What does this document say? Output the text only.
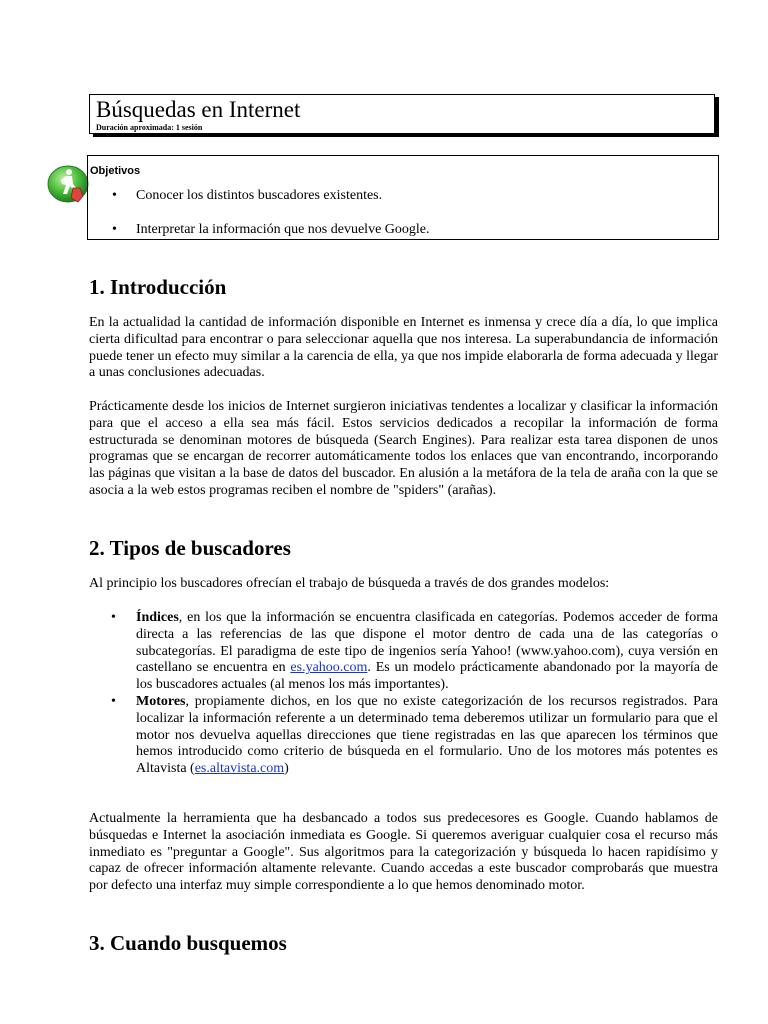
Búsquedas en Internet
Duración aproximada: 1 sesión
Objetivos
• Conocer los distintos buscadores existentes.
• Interpretar la información que nos devuelve Google.
1. Introducción

En la actualidad la cantidad de información disponible en Internet es inmensa y crece día a día, lo que implica cierta dificultad para encontrar o para seleccionar aquella que nos interesa. La superabundancia de información puede tener un efecto muy similar a la carencia de ella, ya que nos impide elaborarla de forma adecuada y llegar a unas conclusiones adecuadas.

Prácticamente desde los inicios de Internet surgieron iniciativas tendentes a localizar y clasificar la información para que el acceso a ella sea más fácil. Estos servicios dedicados a recopilar la información de forma estructurada se denominan motores de búsqueda (Search Engines). Para realizar esta tarea disponen de unos programas que se encargan de recorrer automáticamente todos los enlaces que van encontrando, incorporando las páginas que visitan a la base de datos del buscador. En alusión a la metáfora de la tela de araña con la que se asocia a la web estos programas reciben el nombre de "spiders" (arañas).

2. Tipos de buscadores

Al principio los buscadores ofrecían el trabajo de búsqueda a través de dos grandes modelos:

• Índices, en los que la información se encuentra clasificada en categorías. Podemos acceder de forma directa a las referencias de las que dispone el motor dentro de cada una de las categorías o subcategorías. El paradigma de este tipo de ingenios sería Yahoo! (www.yahoo.com), cuya versión en castellano se encuentra en es.yahoo.com. Es un modelo prácticamente abandonado por la mayoría de los buscadores actuales (al menos los más importantes).
• Motores, propiamente dichos, en los que no existe categorización de los recursos registrados. Para localizar la información referente a un determinado tema deberemos utilizar un formulario para que el motor nos devuelva aquellas direcciones que tiene registradas en las que aparecen los términos que hemos introducido como criterio de búsqueda en el formulario. Uno de los motores más potentes es Altavista (es.altavista.com)

Actualmente la herramienta que ha desbancado a todos sus predecesores es Google. Cuando hablamos de búsquedas e Internet la asociación inmediata es Google. Si queremos averiguar cualquier cosa el recurso más inmediato es "preguntar a Google". Sus algoritmos para la categorización y búsqueda lo hacen rapidísimo y capaz de ofrecer información altamente relevante. Cuando accedas a este buscador comprobarás que muestra por defecto una interfaz muy simple correspondiente a lo que hemos denominado motor.

3. Cuando busquemos
